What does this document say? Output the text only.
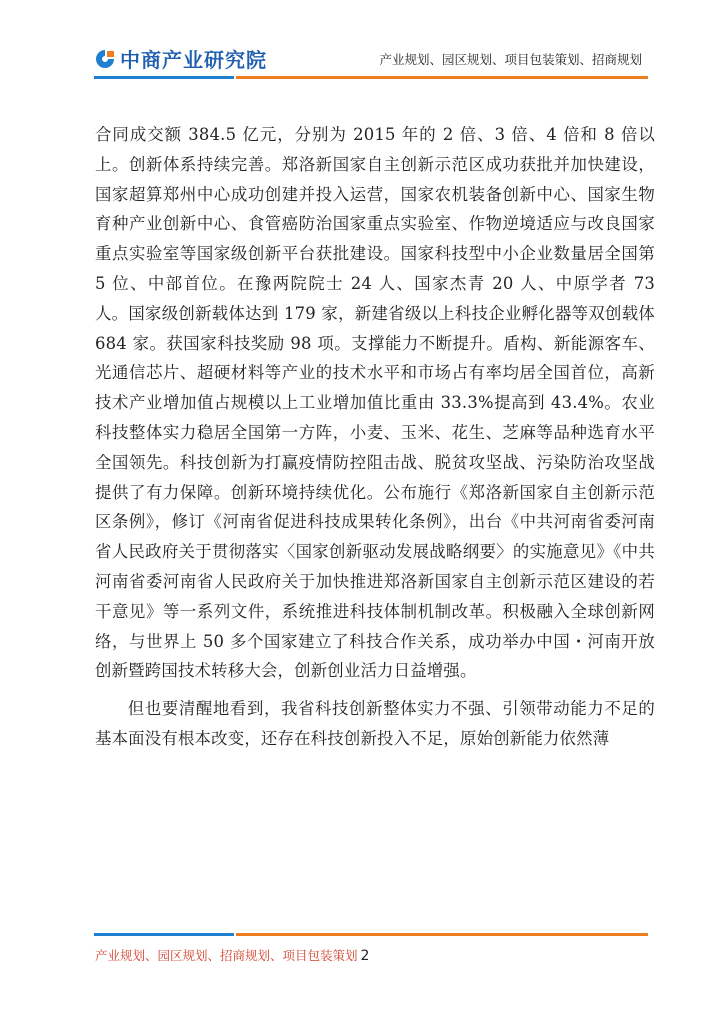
中商产业研究院	产业规划、园区规划、项目包装策划、招商规划

合同成交额 384.5 亿元，分别为 2015 年的 2 倍、3 倍、4 倍和 8 倍以上。创新体系持续完善。郑洛新国家自主创新示范区成功获批并加快建设，国家超算郑州中心成功创建并投入运营，国家农机装备创新中心、国家生物育种产业创新中心、食管癌防治国家重点实验室、作物逆境适应与改良国家重点实验室等国家级创新平台获批建设。国家科技型中小企业数量居全国第 5 位、中部首位。在豫两院院士 24 人、国家杰青 20 人、中原学者 73 人。国家级创新载体达到 179 家，新建省级以上科技企业孵化器等双创载体 684 家。获国家科技奖励 98 项。支撑能力不断提升。盾构、新能源客车、光通信芯片、超硬材料等产业的技术水平和市场占有率均居全国首位，高新技术产业增加值占规模以上工业增加值比重由 33.3%提高到 43.4%。农业科技整体实力稳居全国第一方阵，小麦、玉米、花生、芝麻等品种选育水平全国领先。科技创新为打赢疫情防控阻击战、脱贫攻坚战、污染防治攻坚战提供了有力保障。创新环境持续优化。公布施行《郑洛新国家自主创新示范区条例》，修订《河南省促进科技成果转化条例》，出台《中共河南省委河南省人民政府关于贯彻落实〈国家创新驱动发展战略纲要〉的实施意见》《中共河南省委河南省人民政府关于加快推进郑洛新国家自主创新示范区建设的若干意见》等一系列文件，系统推进科技体制机制改革。积极融入全球创新网络，与世界上 50 多个国家建立了科技合作关系，成功举办中国・河南开放创新暨跨国技术转移大会，创新创业活力日益增强。

但也要清醒地看到，我省科技创新整体实力不强、引领带动能力不足的基本面没有根本改变，还存在科技创新投入不足，原始创新能力依然薄

产业规划、园区规划、招商规划、项目包装策划 2
